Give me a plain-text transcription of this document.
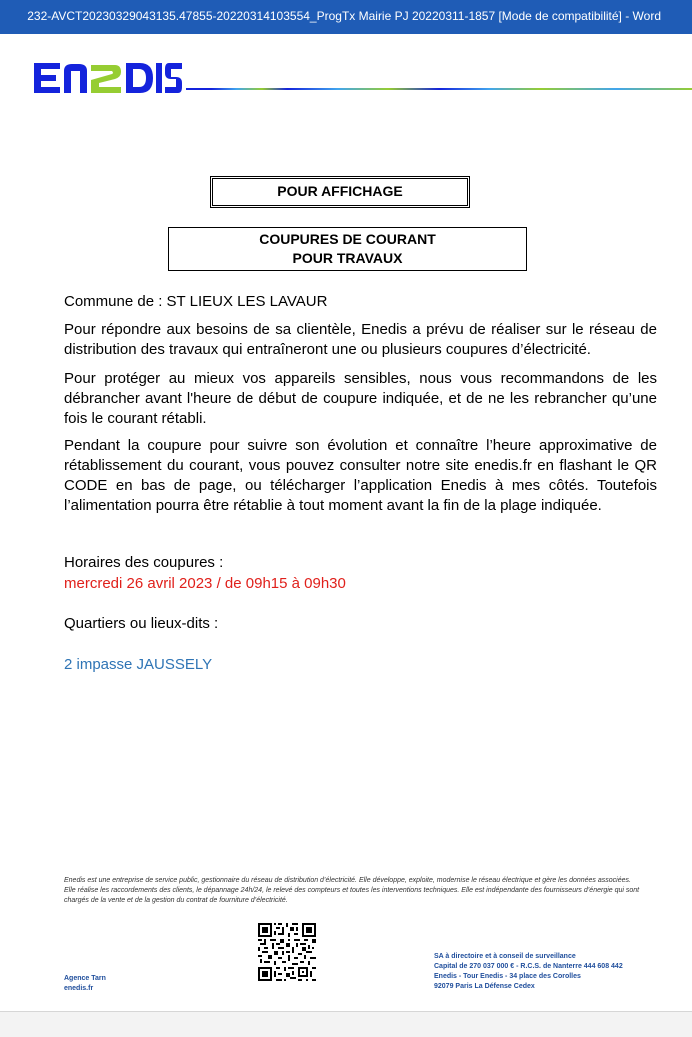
232-AVCT20230329043135.47855-20220314103554_ProgTx Mairie PJ 20220311-1857 [Mode de compatibilité] - Word
POUR AFFICHAGE
COUPURES DE COURANT
POUR TRAVAUX
Commune de : ST LIEUX LES LAVAUR
Pour répondre aux besoins de sa clientèle, Enedis a prévu de réaliser sur le réseau de distribution des travaux qui entraîneront une ou plusieurs coupures d’électricité.
Pour protéger au mieux vos appareils sensibles, nous vous recommandons de les débrancher avant l'heure de début de coupure indiquée, et de ne les rebrancher qu’une fois le courant rétabli.
Pendant la coupure pour suivre son évolution et connaître l’heure approximative de rétablissement du courant, vous pouvez consulter notre site enedis.fr en flashant le QR CODE en bas de page, ou télécharger l’application Enedis à mes côtés. Toutefois l’alimentation pourra être rétablie à tout moment avant la fin de la plage indiquée.
Horaires des coupures :
mercredi 26 avril 2023 / de 09h15 à 09h30
Quartiers ou lieux-dits :
2 impasse JAUSSELY
Enedis est une entreprise de service public, gestionnaire du réseau de distribution d’électricité. Elle développe, exploite, modernise le réseau électrique et gère les données associées. Elle réalise les raccordements des clients, le dépannage 24h/24, le relevé des compteurs et toutes les interventions techniques. Elle est indépendante des fournisseurs d’énergie qui sont chargés de la vente et de la gestion du contrat de fourniture d’électricité.
Agence Tarn
enedis.fr
SA à directoire et à conseil de surveillance
Capital de 270 037 000 € - R.C.S. de Nanterre 444 608 442
Enedis - Tour Enedis - 34 place des Corolles
92079 Paris La Défense Cedex
